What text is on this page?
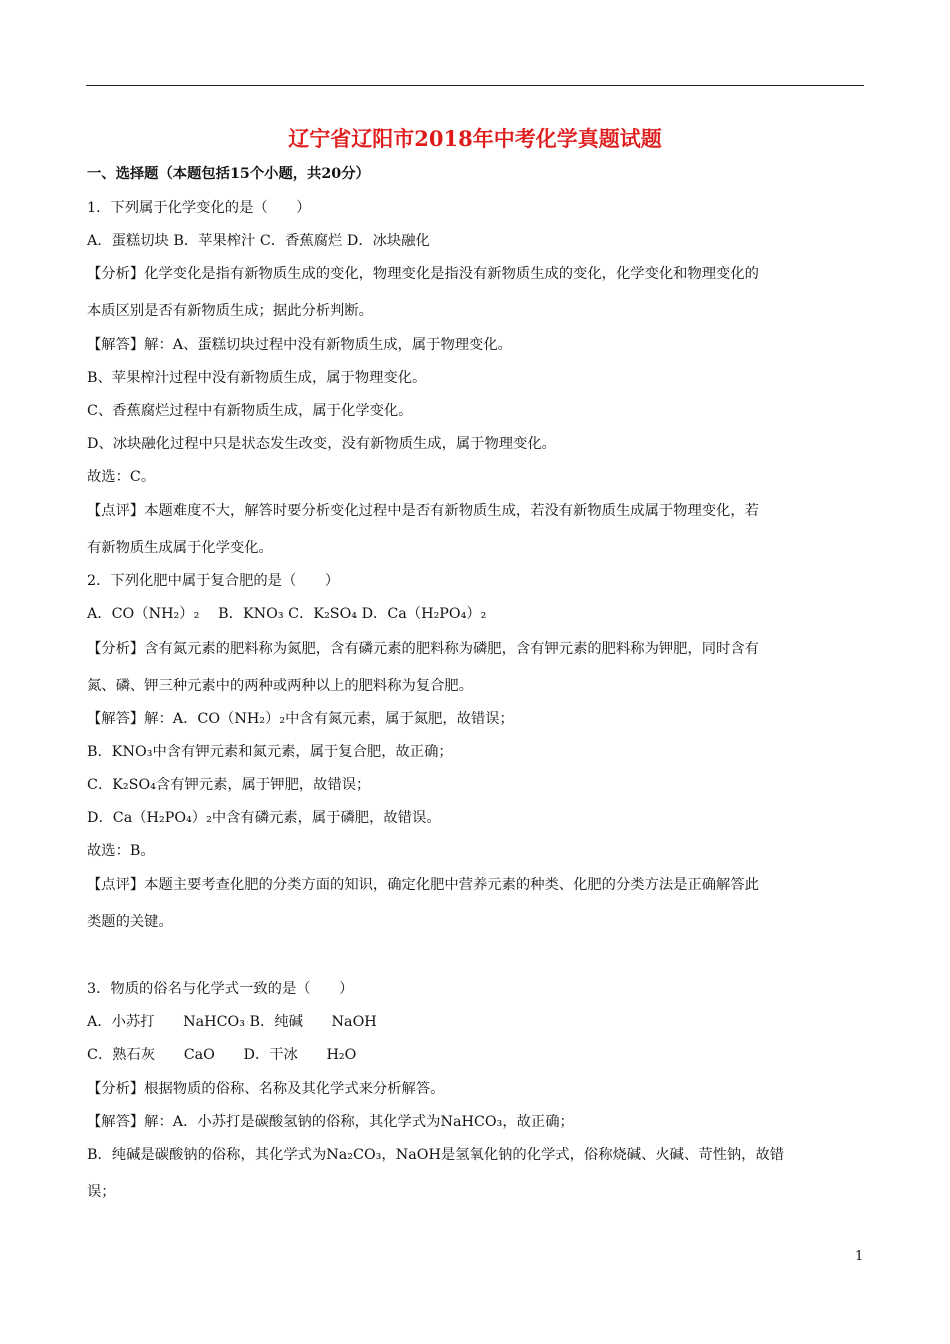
辽宁省辽阳市2018年中考化学真题试题
一、选择题（本题包括15个小题，共20分）
1．下列属于化学变化的是（　　）
A．蛋糕切块 B．苹果榨汁 C．香蕉腐烂 D．冰块融化
【分析】化学变化是指有新物质生成的变化，物理变化是指没有新物质生成的变化，化学变化和物理变化的
本质区别是否有新物质生成；据此分析判断。
【解答】解：A、蛋糕切块过程中没有新物质生成，属于物理变化。
B、苹果榨汁过程中没有新物质生成，属于物理变化。
C、香蕉腐烂过程中有新物质生成，属于化学变化。
D、冰块融化过程中只是状态发生改变，没有新物质生成，属于物理变化。
故选：C。
【点评】本题难度不大，解答时要分析变化过程中是否有新物质生成，若没有新物质生成属于物理变化，若
有新物质生成属于化学变化。
2．下列化肥中属于复合肥的是（　　）
A．CO（NH₂）₂　 B．KNO₃ C．K₂SO₄ D．Ca（H₂PO₄）₂
【分析】含有氮元素的肥料称为氮肥，含有磷元素的肥料称为磷肥，含有钾元素的肥料称为钾肥，同时含有
氮、磷、钾三种元素中的两种或两种以上的肥料称为复合肥。
【解答】解：A．CO（NH₂）₂中含有氮元素，属于氮肥，故错误；
B．KNO₃中含有钾元素和氮元素，属于复合肥，故正确；
C．K₂SO₄含有钾元素，属于钾肥，故错误；
D．Ca（H₂PO₄）₂中含有磷元素，属于磷肥，故错误。
故选：B。
【点评】本题主要考查化肥的分类方面的知识，确定化肥中营养元素的种类、化肥的分类方法是正确解答此
类题的关键。
3．物质的俗名与化学式一致的是（　　）
A．小苏打　　NaHCO₃ B．纯碱　　NaOH
C．熟石灰　　CaO　　D．干冰　　H₂O
【分析】根据物质的俗称、名称及其化学式来分析解答。
【解答】解：A．小苏打是碳酸氢钠的俗称，其化学式为NaHCO₃，故正确；
B．纯碱是碳酸钠的俗称，其化学式为Na₂CO₃，NaOH是氢氧化钠的化学式，俗称烧碱、火碱、苛性钠，故错
误；
1
